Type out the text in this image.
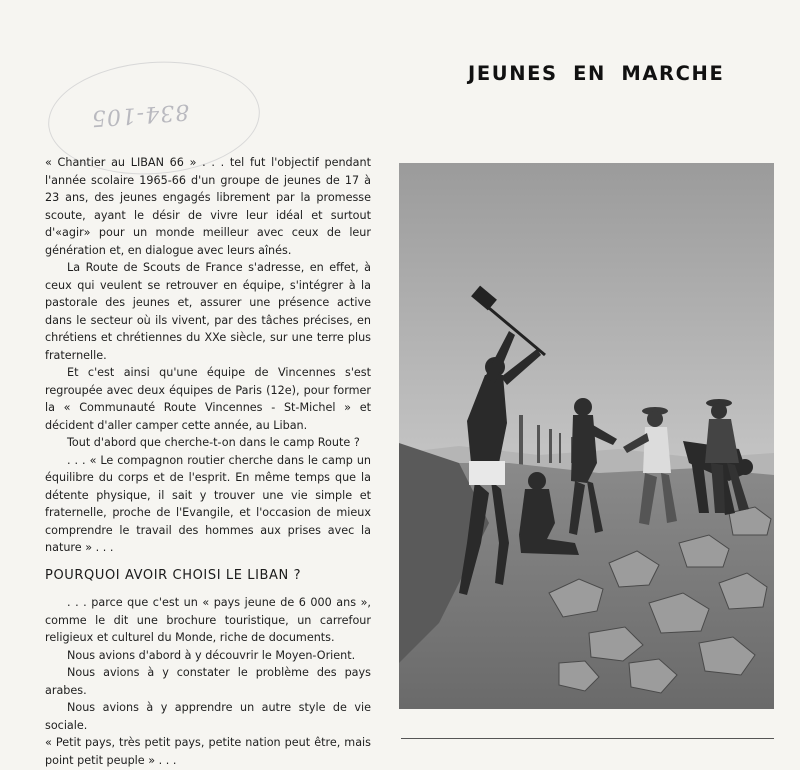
JEUNES EN MARCHE
834-105

« Chantier au LIBAN 66 » . . . tel fut l'objectif pendant l'année scolaire 1965-66 d'un groupe de jeunes de 17 à 23 ans, des jeunes engagés librement par la promesse scoute, ayant le désir de vivre leur idéal et surtout d'«agir» pour un monde meilleur avec ceux de leur génération et, en dialogue avec leurs aînés.

La Route de Scouts de France s'adresse, en effet, à ceux qui veulent se retrouver en équipe, s'intégrer à la pastorale des jeunes et, assurer une présence active dans le secteur où ils vivent, par des tâches précises, en chrétiens et chrétiennes du XXe siècle, sur une terre plus fraternelle.

Et c'est ainsi qu'une équipe de Vincennes s'est regroupée avec deux équipes de Paris (12e), pour former la « Communauté Route Vincennes - St-Michel » et décident d'aller camper cette année, au Liban.

Tout d'abord que cherche-t-on dans le camp Route ?

. . . « Le compagnon routier cherche dans le camp un équilibre du corps et de l'esprit. En même temps que la détente physique, il sait y trouver une vie simple et fraternelle, proche de l'Evangile, et l'occasion de mieux comprendre le travail des hommes aux prises avec la nature » . . .

POURQUOI AVOIR CHOISI LE LIBAN ?

. . . parce que c'est un « pays jeune de 6 000 ans », comme le dit une brochure touristique, un carrefour religieux et culturel du Monde, riche de documents.

Nous avions d'abord à y découvrir le Moyen-Orient.

Nous avions à y constater le problème des pays arabes.

Nous avions à y apprendre un autre style de vie sociale.

« Petit pays, très petit pays, petite nation peut être, mais point petit peuple » . . .
